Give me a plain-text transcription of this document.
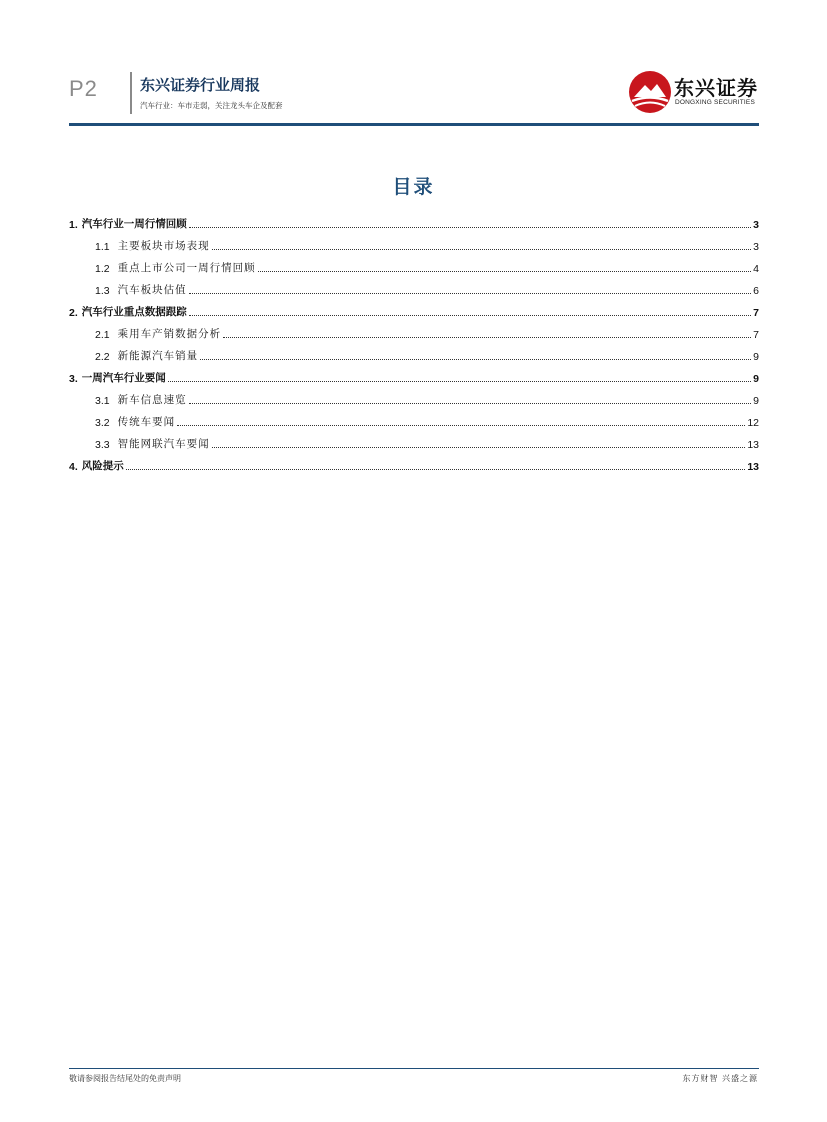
P2	东兴证券行业周报
汽车行业：车市走弱，关注龙头车企及配套
东兴证券
DONGXING SECURITIES
目录
1. 汽车行业一周行情回顾	3
1.1 主要板块市场表现	3
1.2 重点上市公司一周行情回顾	4
1.3 汽车板块估值	6
2. 汽车行业重点数据跟踪	7
2.1 乘用车产销数据分析	7
2.2 新能源汽车销量	9
3. 一周汽车行业要闻	9
3.1 新车信息速览	9
3.2 传统车要闻	12
3.3 智能网联汽车要闻	13
4. 风险提示	13
敬请参阅报告结尾处的免责声明	东方财智 兴盛之源
